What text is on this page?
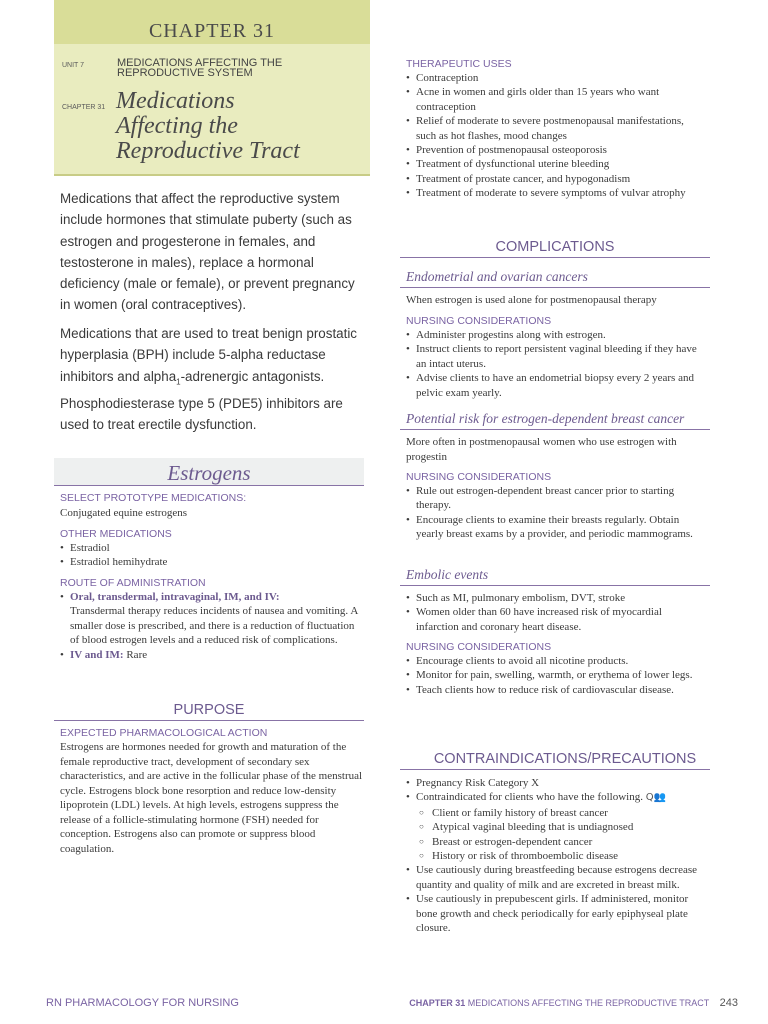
CHAPTER 31
UNIT 7	MEDICATIONS AFFECTING THE REPRODUCTIVE SYSTEM
CHAPTER 31 Medications
Affecting the
Reproductive Tract

Medications that affect the reproductive system include hormones that stimulate puberty (such as estrogen and progesterone in females, and testosterone in males), replace a hormonal deficiency (male or female), or prevent pregnancy in women (oral contraceptives).

Medications that are used to treat benign prostatic hyperplasia (BPH) include 5-alpha reductase inhibitors and alpha$_1$-adrenergic antagonists. Phosphodiesterase type 5 (PDE5) inhibitors are used to treat erectile dysfunction.

Estrogens
SELECT PROTOTYPE MEDICATIONS:
Conjugated equine estrogens
OTHER MEDICATIONS
• Estradiol
• Estradiol hemihydrate
ROUTE OF ADMINISTRATION
• Oral, transdermal, intravaginal, IM, and IV:
Transdermal therapy reduces incidents of nausea and vomiting. A smaller dose is prescribed, and there is a reduction of fluctuation of blood estrogen levels and a reduced risk of complications.
• IV and IM: Rare
PURPOSE
EXPECTED PHARMACOLOGICAL ACTION

Estrogens are hormones needed for growth and maturation of the female reproductive tract, development of secondary sex characteristics, and are active in the follicular phase of the menstrual cycle. Estrogens block bone resorption and reduce low-density lipoprotein (LDL) levels. At high levels, estrogens suppress the release of a follicle-stimulating hormone (FSH) needed for conception. Estrogens also can promote or suppress blood coagulation.

THERAPEUTIC USES
• Contraception
• Acne in women and girls older than 15 years who want contraception
• Relief of moderate to severe postmenopausal manifestations, such as hot flashes, mood changes
• Prevention of postmenopausal osteoporosis
• Treatment of dysfunctional uterine bleeding
• Treatment of prostate cancer, and hypogonadism
• Treatment of moderate to severe symptoms of vulvar atrophy
COMPLICATIONS
Endometrial and ovarian cancers
When estrogen is used alone for postmenopausal therapy
NURSING CONSIDERATIONS
• Administer progestins along with estrogen.
• Instruct clients to report persistent vaginal bleeding if they have an intact uterus.
• Advise clients to have an endometrial biopsy every 2 years and pelvic exam yearly.
Potential risk for estrogen-dependent breast cancer
More often in postmenopausal women who use estrogen with progestin
NURSING CONSIDERATIONS
• Rule out estrogen-dependent breast cancer prior to starting therapy.
• Encourage clients to examine their breasts regularly. Obtain yearly breast exams by a provider, and periodic mammograms.
Embolic events
• Such as MI, pulmonary embolism, DVT, stroke
• Women older than 60 have increased risk of myocardial infarction and coronary heart disease.
NURSING CONSIDERATIONS
• Encourage clients to avoid all nicotine products.
• Monitor for pain, swelling, warmth, or erythema of lower legs.
• Teach clients how to reduce risk of cardiovascular disease.
CONTRAINDICATIONS/PRECAUTIONS
• Pregnancy Risk Category X
• Contraindicated for clients who have the following. Q👥
○ Client or family history of breast cancer
○ Atypical vaginal bleeding that is undiagnosed
○ Breast or estrogen-dependent cancer
○ History or risk of thromboembolic disease
• Use cautiously during breastfeeding because estrogens decrease quantity and quality of milk and are excreted in breast milk.
• Use cautiously in prepubescent girls. If administered, monitor bone growth and check periodically for early epiphyseal plate closure.
RN PHARMACOLOGY FOR NURSING	CHAPTER 31 MEDICATIONS AFFECTING THE REPRODUCTIVE TRACT 243
